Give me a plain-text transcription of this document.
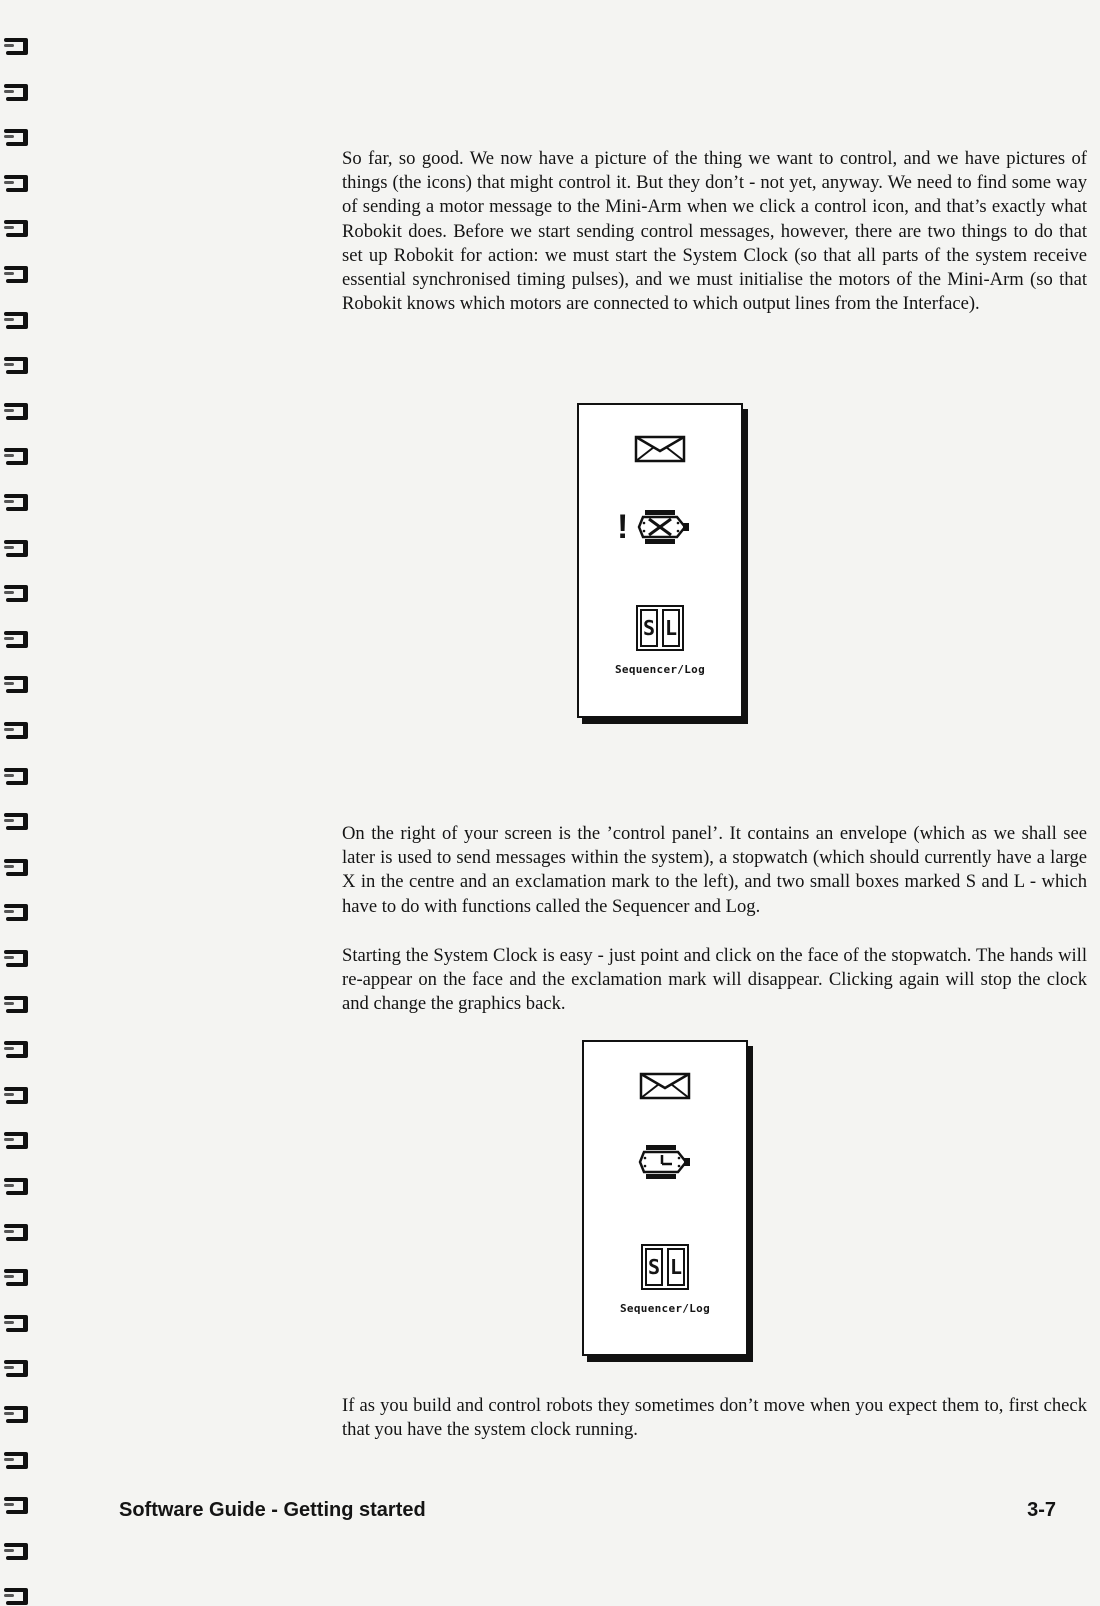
So far, so good. We now have a picture of the thing we want to control, and we have pictures of things (the icons) that might control it. But they don’t - not yet, anyway. We need to find some way of sending a motor message to the Mini-Arm when we click a control icon, and that’s exactly what Robokit does. Before we start sending control messages, however, there are two things to do that set up Robokit for action: we must start the System Clock (so that all parts of the system receive essential synchronised timing pulses), and we must initialise the motors of the Mini-Arm (so that Robokit knows which motors are connected to which output lines from the Interface).

!
S L
Sequencer/Log

On the right of your screen is the ’control panel’. It contains an envelope (which as we shall see later is used to send messages within the system), a stopwatch (which should currently have a large X in the centre and an exclamation mark to the left), and two small boxes marked S and L - which have to do with functions called the Sequencer and Log.

Starting the System Clock is easy - just point and click on the face of the stopwatch. The hands will re-appear on the face and the exclamation mark will disappear. Clicking again will stop the clock and change the graphics back.

S L
Sequencer/Log

If as you build and control robots they sometimes don’t move when you expect them to, first check that you have the system clock running.

Software Guide - Getting started	3-7
